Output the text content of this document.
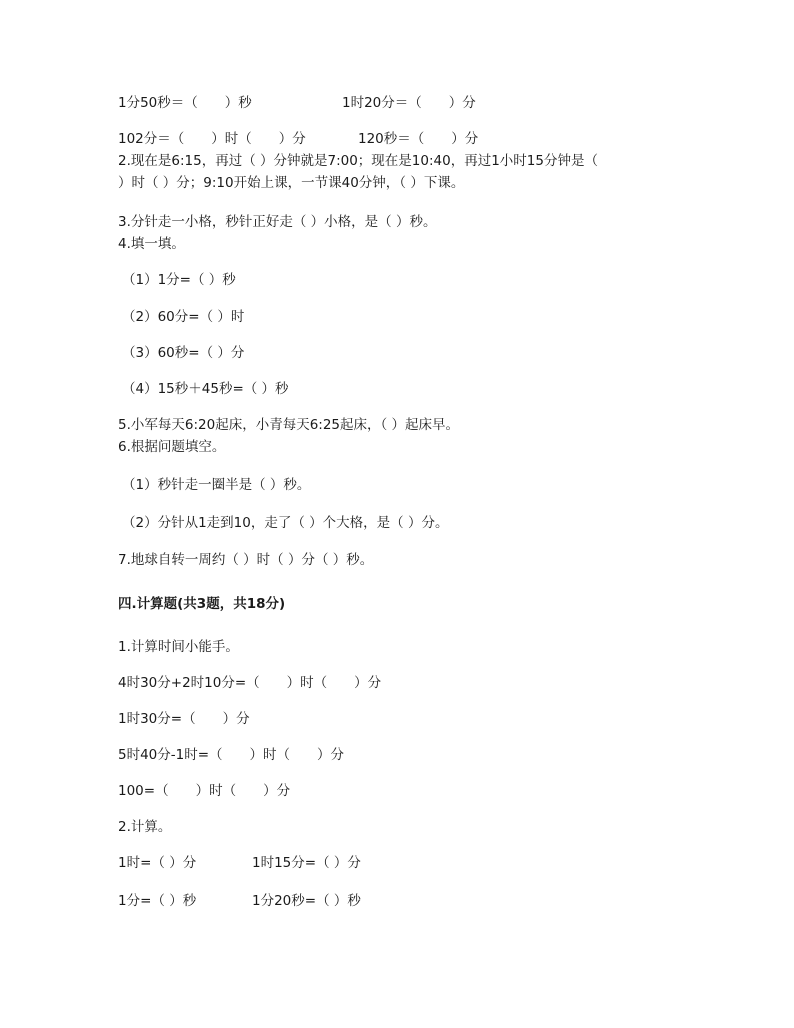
1分50秒＝（　　）秒	1时20分＝（　　）分
102分＝（　　）时（　　）分	120秒＝（　　）分
2.现在是6:15，再过（ ）分钟就是7:00；现在是10:40，再过1小时15分钟是（
）时（ ）分；9:10开始上课，一节课40分钟，（ ）下课。
3.分针走一小格，秒针正好走（ ）小格，是（ ）秒。
4.填一填。
（1）1分=（ ）秒
（2）60分=（ ）时
（3）60秒=（ ）分
（4）15秒＋45秒=（ ）秒
5.小军每天6:20起床，小青每天6:25起床，（ ）起床早。
6.根据问题填空。
（1）秒针走一圈半是（ ）秒。
（2）分针从1走到10，走了（ ）个大格，是（ ）分。
7.地球自转一周约（ ）时（ ）分（ ）秒。
四.计算题(共3题，共18分)
1.计算时间小能手。
4时30分+2时10分=（　　）时（　　）分
1时30分=（　　）分
5时40分-1时=（　　）时（　　）分
100=（　　）时（　　）分
2.计算。
1时=（ ）分	1时15分=（ ）分
1分=（ ）秒	1分20秒=（ ）秒
